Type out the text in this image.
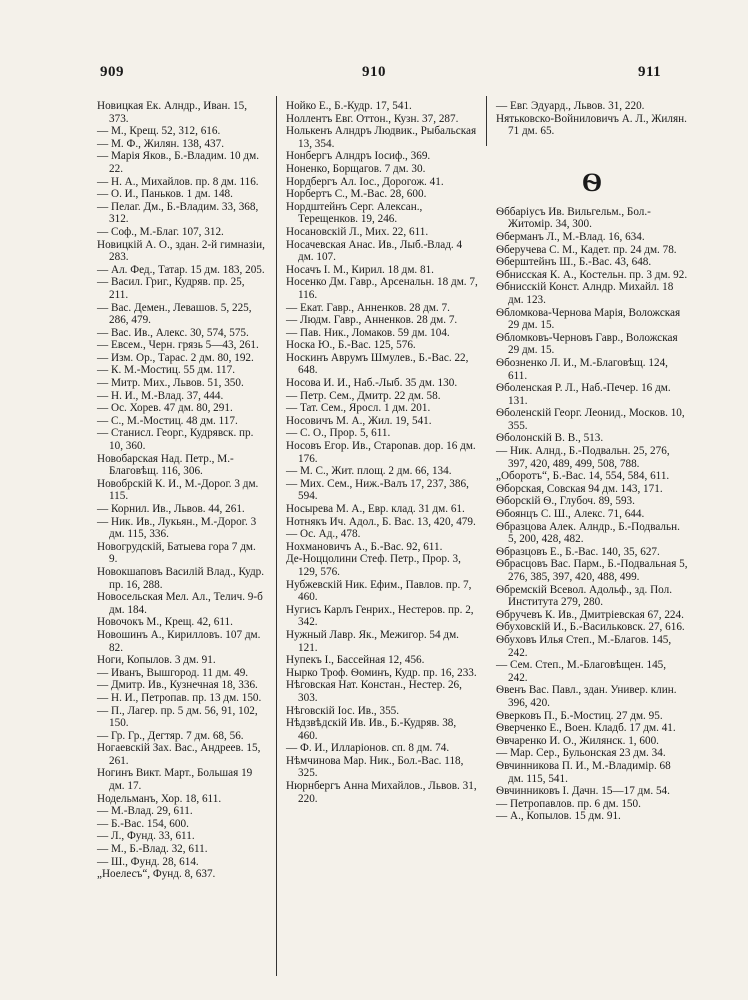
909	910	911

Новицкая Ек. Алндр., Иван. 15, 373.

— М., Крещ. 52, 312, 616.

— М. Ф., Жилян. 138, 437.

— Марія Яков., Б.-Владим. 10 дм. 22.

— Н. А., Михайлов. пр. 8 дм. 116.

— О. И., Паньков. 1 дм. 148.

— Пелаг. Дм., Б.-Владим. 33, 368, 312.

— Соф., М.-Благ. 107, 312.

Новицкій А. О., здан. 2-й гимназіи, 283.

— Ал. Фед., Татар. 15 дм. 183, 205.

— Васил. Григ., Кудряв. пр. 25, 211.

— Вас. Демен., Левашов. 5, 225, 286, 479.

— Вас. Ив., Алекс. 30, 574, 575.

— Евсем., Черн. грязь 5—43, 261.

— Изм. Ор., Тарас. 2 дм. 80, 192.

— К. М.-Мостиц. 55 дм. 117.

— Митр. Мих., Львов. 51, 350.

— Н. И., М.-Влад. 37, 444.

— Ос. Хорев. 47 дм. 80, 291.

— С., М.-Мостиц. 48 дм. 117.

— Станисл. Георг., Кудрявск. пр. 10, 360.

Новобарская Над. Петр., М.-Благовѣщ. 116, 306.

Новобрскій К. И., М.-Дорог. 3 дм. 115.

— Корнил. Ив., Львов. 44, 261.

— Ник. Ив., Лукьян., М.-Дорог. 3 дм. 115, 336.

Новогрудскій, Батыева гора 7 дм. 9.

Новокшаповъ Василій Влад., Кудр. пр. 16, 288.

Новосельская Мел. Ал., Телич. 9-б дм. 184.

Новочокъ М., Крещ. 42, 611.

Новошинъ А., Кирилловъ. 107 дм. 82.

Ноги, Копылов. 3 дм. 91.

— Иванъ, Вышгород. 11 дм. 49.

— Дмитр. Ив., Кузнечная 18, 336.

— Н. И., Петропав. пр. 13 дм. 150.

— П., Лагер. пр. 5 дм. 56, 91, 102, 150.

— Гр. Гр., Дегтяр. 7 дм. 68, 56.

Ногаевскій Зах. Вас., Андреев. 15, 261.

Ногинъ Викт. Март., Большая 19 дм. 17.

Нодельманъ, Хор. 18, 611.

— М.-Влад. 29, 611.

— Б.-Вас. 154, 600.

— Л., Фунд. 33, 611.

— М., Б.-Влад. 32, 611.

— Ш., Фунд. 28, 614.

„Ноелесъ“, Фунд. 8, 637.

Нойко Е., Б.-Кудр. 17, 541.

Ноллентъ Евг. Оттон., Кузн. 37, 287.

Нолькенъ Алндръ Людвик., Рыбальская 13, 354.

Нонбергъ Алндръ Іосиф., 369.

Ноненко, Борщагов. 7 дм. 30.

Нордбергъ Ал. Іос., Дорогож. 41.

Норбертъ С., М.-Вас. 28, 600.

Нордштейнъ Серг. Алексан., Терещенков. 19, 246.

Носановскій Л., Мих. 22, 611.

Носачевская Анас. Ив., Лыб.-Влад. 4 дм. 107.

Носачъ І. М., Кирил. 18 дм. 81.

Носенко Дм. Гавр., Арсенальн. 18 дм. 7, 116.

— Екат. Гавр., Анненков. 28 дм. 7.

— Людм. Гавр., Анненков. 28 дм. 7.

— Пав. Ник., Ломаков. 59 дм. 104.

Носка Ю., Б.-Вас. 125, 576.

Носкинъ Аврумъ Шмулев., Б.-Вас. 22, 648.

Носова И. И., Наб.-Лыб. 35 дм. 130.

— Петр. Сем., Дмитр. 22 дм. 58.

— Тат. Сем., Яросл. 1 дм. 201.

Носовичъ М. А., Жил. 19, 541.

— С. О., Прор. 5, 611.

Носовъ Егор. Ив., Староnaв. дор. 16 дм. 176.

— М. С., Жит. площ. 2 дм. 66, 134.

— Мих. Сем., Ниж.-Валъ 17, 237, 386, 594.

Носырева М. А., Евр. клад. 31 дм. 61.

Нотнякъ Ич. Адол., Б. Вас. 13, 420, 479.

— Ос. Ад., 478.

Нохмановичъ А., Б.-Вас. 92, 611.

Де-Ноццолини Стеф. Петр., Прор. 3, 129, 576.

Нубжевскій Ник. Ефим., Павлов. пр. 7, 460.

Нугисъ Карлъ Генрих., Нестеров. пр. 2, 342.

Нужный Лавр. Як., Межигор. 54 дм. 121.

Нупекъ І., Бассейная 12, 456.

Нырко Троф. Ѳоминъ, Кудр. пр. 16, 233.

Нѣговская Нат. Констан., Нестер. 26, 303.

Нѣговскій Іос. Ив., 355.

Нѣдзвѣдскій Ив. Ив., Б.-Кудряв. 38, 460.

— Ф. И., Илларіонов. сп. 8 дм. 74.

Нѣмчинова Мар. Ник., Бол.-Вас. 118, 325.

Нюрнбергъ Анна Михайлов., Львов. 31, 220.

— Евг. Эдуард., Львов. 31, 220.

Нятьковско-Войниловичъ А. Л., Жилян. 71 дм. 65.

Ѳ

Ѳббаріусъ Ив. Вильгельм., Бол.-Житомір. 34, 300.

Ѳберманъ Л., М.-Влад. 16, 634.

Ѳберучева С. М., Кадет. пр. 24 дм. 78.

Ѳберштейнъ Ш., Б.-Вас. 43, 648.

Ѳбнисская К. А., Костельн. пр. 3 дм. 92.

Ѳбнисскій Конст. Алндр. Михайл. 18 дм. 123.

Ѳбломкова-Чернова Марія, Воложская 29 дм. 15.

Ѳбломковъ-Черновъ Гавр., Воложская 29 дм. 15.

Ѳбозненко Л. И., М.-Благовѣщ. 124, 611.

Ѳболенская Р. Л., Наб.-Печер. 16 дм. 131.

Ѳболенскій Георг. Леонид., Москов. 10, 355.

Ѳболонскій В. В., 513.

— Ник. Алнд., Б.-Подвальн. 25, 276, 397, 420, 489, 499, 508, 788.

„Оборотъ“, Б.-Вас. 14, 554, 584, 611.

Ѳборская, Совская 94 дм. 143, 171.

Ѳборскій Ѳ., Глубоч. 89, 593.

Ѳбоянцъ С. Ш., Алекс. 71, 644.

Ѳбразцова Алек. Алндр., Б.-Подвальн. 5, 200, 428, 482.

Ѳбразцовъ Е., Б.-Вас. 140, 35, 627.

Ѳбрасцовъ Вас. Парм., Б.-Подвальная 5, 276, 385, 397, 420, 488, 499.

Ѳбремскій Всевол. Адольф., зд. Пол. Института 279, 280.

Ѳбручевъ К. Ив., Дмитріевская 67, 224.

Ѳбуховскій И., Б.-Васильковск. 27, 616.

Ѳбуховъ Илья Степ., М.-Благов. 145, 242.

— Сем. Степ., М.-Благовѣщен. 145, 242.

Ѳвенъ Вас. Павл., здан. Универ. клин. 396, 420.

Ѳверковъ П., Б.-Мостиц. 27 дм. 95.

Ѳверченко Е., Воен. Кладб. 17 дм. 41.

Ѳвчаренко И. О., Жилянск. 1, 600.

— Мар. Сер., Бульонская 23 дм. 34.

Ѳвчинникова П. И., М.-Владимір. 68 дм. 115, 541.

Ѳвчинниковъ І. Дачн. 15—17 дм. 54.

— Петропавлов. пр. 6 дм. 150.

— А., Копылов. 15 дм. 91.
